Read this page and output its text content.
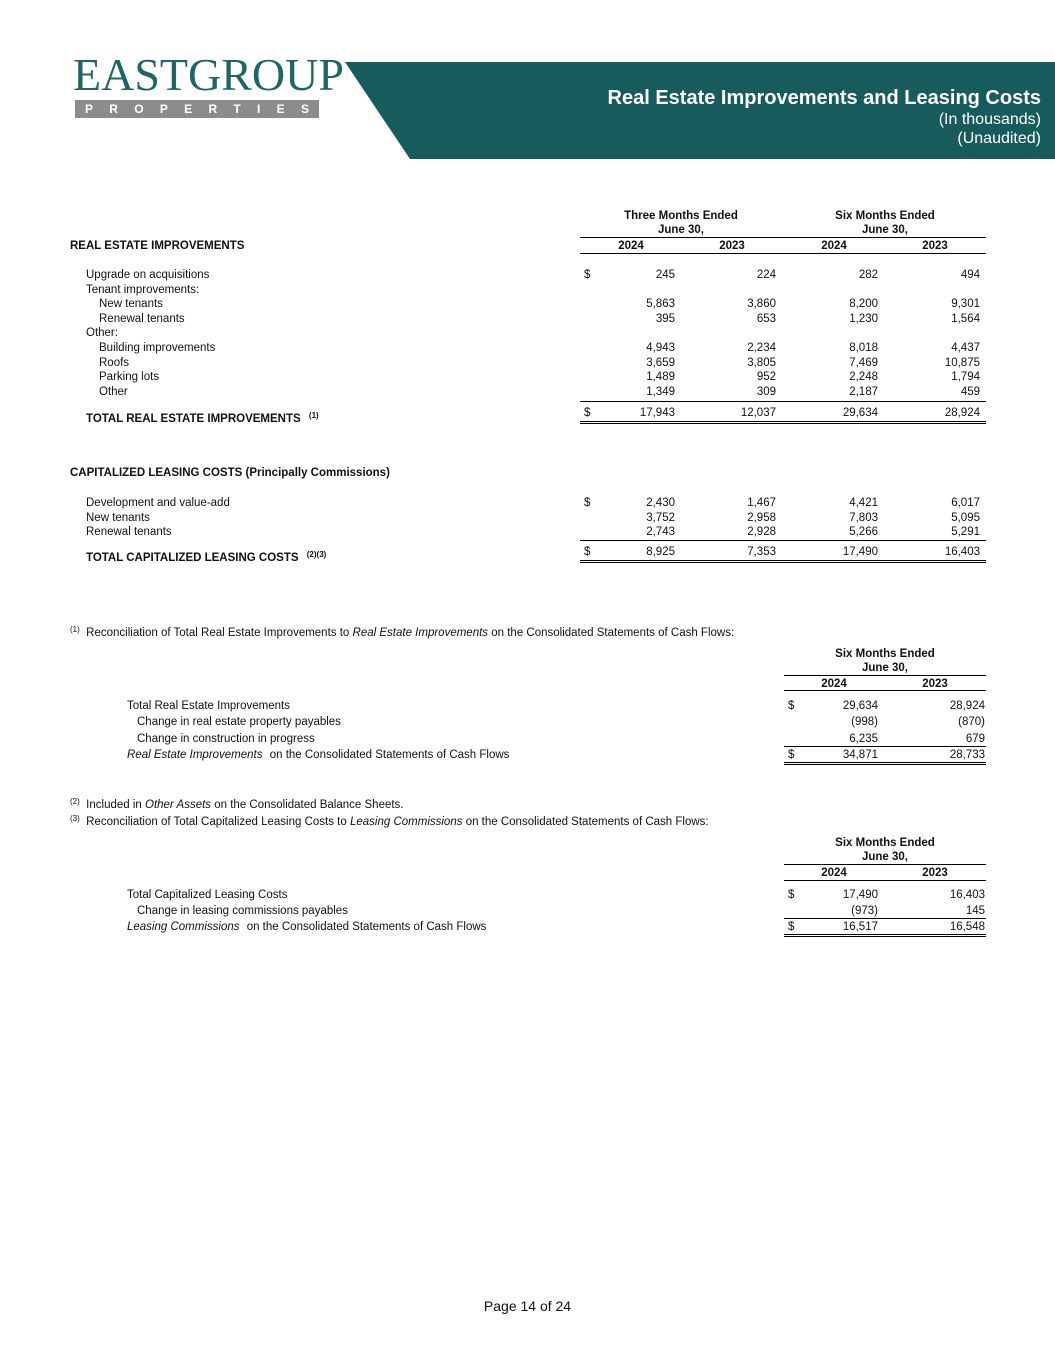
EASTGROUP
P R O P E R T I E S	Real Estate Improvements and Leasing Costs
(In thousands)
(Unaudited)
Three Months Ended
June 30,
Six Months Ended
June 30,
2024	2023	2024	2023
REAL ESTATE IMPROVEMENTS
Upgrade on acquisitions	$	245	224	282	494
Tenant improvements:
New tenants	5,863	3,860	8,200	9,301
Renewal tenants	395	653	1,230	1,564
Other:
Building improvements	4,943	2,234	8,018	4,437
Roofs	3,659	3,805	7,469	10,875
Parking lots	1,489	952	2,248	1,794
Other	1,349	309	2,187	459
TOTAL REAL ESTATE IMPROVEMENTS $^{(1)}$	$	17,943	12,037	29,634	28,924
CAPITALIZED LEASING COSTS (Principally Commissions)
Development and value-add	$	2,430	1,467	4,421	6,017
New tenants	3,752	2,958	7,803	5,095
Renewal tenants	2,743	2,928	5,266	5,291
TOTAL CAPITALIZED LEASING COSTS $^{(2)(3)}$	$	8,925	7,353	17,490	16,403
$^{(1)}$ Reconciliation of Total Real Estate Improvements to Real Estate Improvements on the Consolidated Statements of Cash Flows:
Six Months Ended
June 30,
2024	2023
Total Real Estate Improvements	$	29,634	28,924
Change in real estate property payables	(998)	(870)
Change in construction in progress	6,235	679
Real Estate Improvements on the Consolidated Statements of Cash Flows	$	34,871	28,733
$^{(2)}$ Included in Other Assets on the Consolidated Balance Sheets.
$^{(3)}$ Reconciliation of Total Capitalized Leasing Costs to Leasing Commissions on the Consolidated Statements of Cash Flows:
Six Months Ended
June 30,
2024	2023
Total Capitalized Leasing Costs	$	17,490	16,403
Change in leasing commissions payables	(973)	145
Leasing Commissions on the Consolidated Statements of Cash Flows	$	16,517	16,548
Page 14 of 24
